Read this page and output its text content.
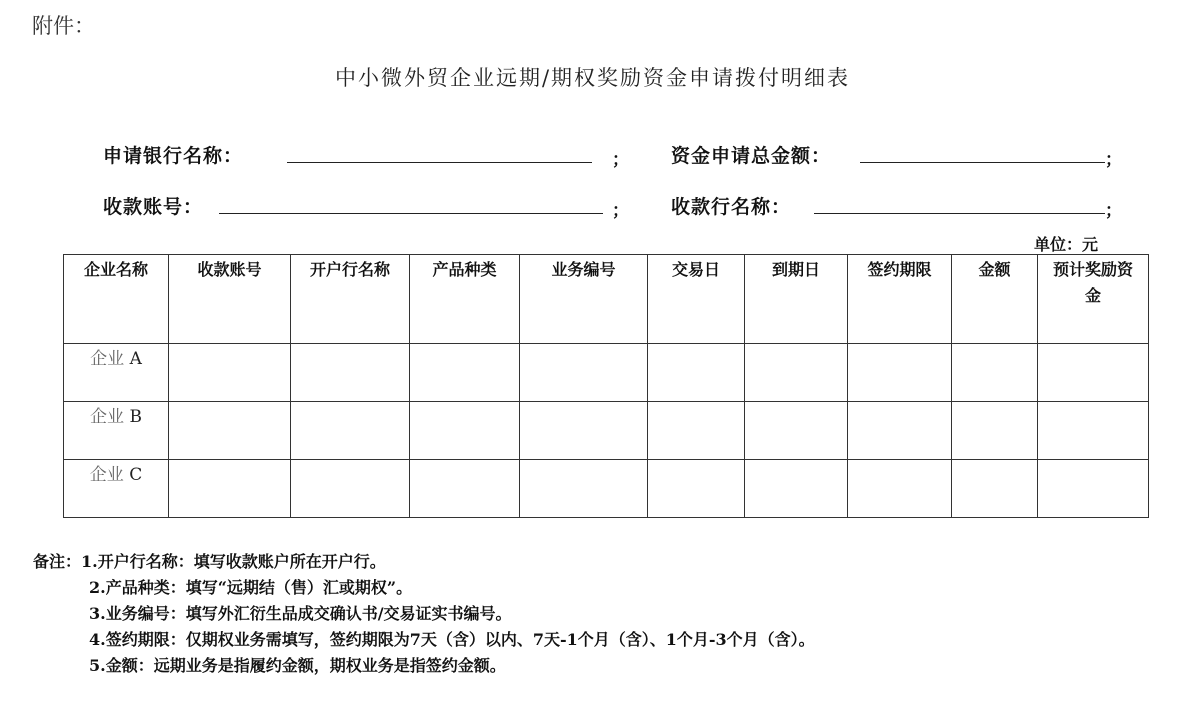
附件：
中小微外贸企业远期/期权奖励资金申请拨付明细表
申请银行名称：	； 资金申请总金额：	；
收款账号：	； 收款行名称：	；
单位：元
企业名称	收款账号	开户行名称	产品种类	业务编号	交易日	到期日	签约期限	金额	预计奖励资金
企业 A									
企业 B									
企业 C									
备注：1.开户行名称：填写收款账户所在开户行。
2.产品种类：填写“远期结（售）汇或期权”。
3.业务编号：填写外汇衍生品成交确认书/交易证实书编号。
4.签约期限：仅期权业务需填写，签约期限为7天（含）以内、7天-1个月（含）、1个月-3个月（含）。
5.金额：远期业务是指履约金额，期权业务是指签约金额。
